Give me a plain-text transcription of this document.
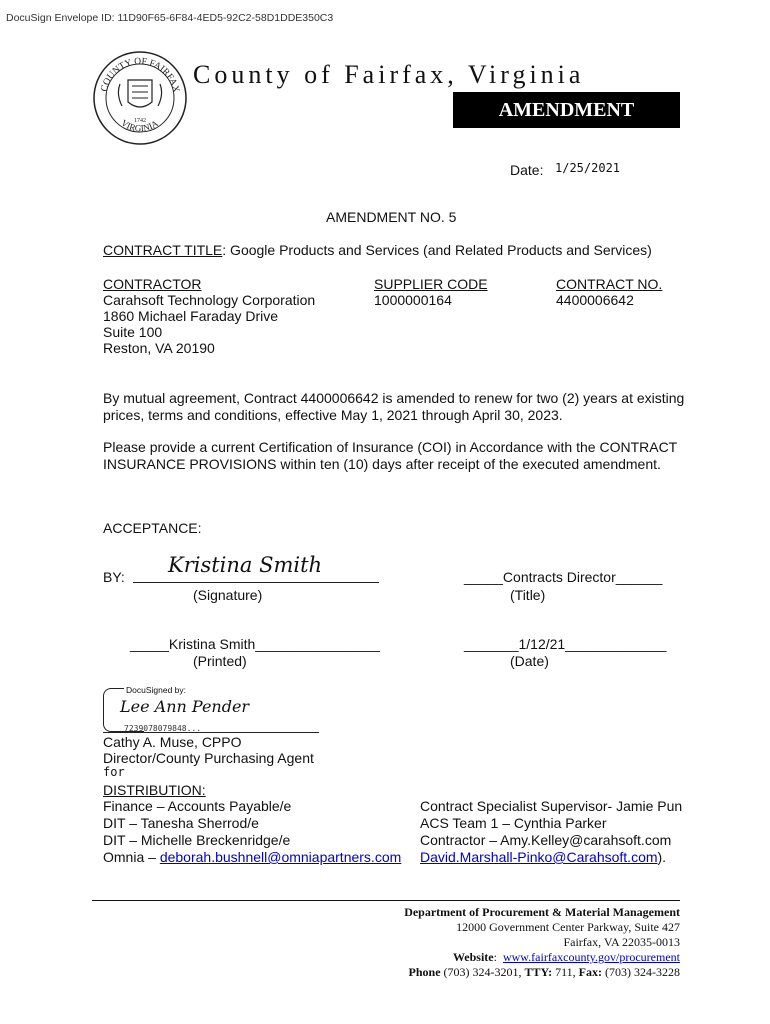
DocuSign Envelope ID: 11D90F65-6F84-4ED5-92C2-58D1DDE350C3
COUNTY OF FAIRFAX
VIRGINIA
1742
County of Fairfax, Virginia
AMENDMENT
Date: 1/25/2021
AMENDMENT NO. 5
CONTRACT TITLE: Google Products and Services (and Related Products and Services)
CONTRACTOR
Carahsoft Technology Corporation
1860 Michael Faraday Drive
Suite 100
Reston, VA 20190
SUPPLIER CODE
1000000164
CONTRACT NO.
4400006642
By mutual agreement, Contract 4400006642 is amended to renew for two (2) years at existing prices, terms and conditions, effective May 1, 2021 through April 30, 2023.
Please provide a current Certification of Insurance (COI) in Accordance with the CONTRACT INSURANCE PROVISIONS within ten (10) days after receipt of the executed amendment.
ACCEPTANCE:
BY: Kristina Smith
(Signature)
_____Contracts Director______
(Title)
_____Kristina Smith________________
(Printed)
_______1/12/21_____________
(Date)
DocuSigned by:
Lee Ann Pender
7239078079848...
Cathy A. Muse, CPPO
Director/County Purchasing Agent
for
DISTRIBUTION:
Finance – Accounts Payable/e
DIT – Tanesha Sherrod/e
DIT – Michelle Breckenridge/e
Omnia – deborah.bushnell@omniapartners.com
Contract Specialist Supervisor- Jamie Pun
ACS Team 1 – Cynthia Parker
Contractor – Amy.Kelley@carahsoft.com
David.Marshall-Pinko@Carahsoft.com).
Department of Procurement & Material Management
12000 Government Center Parkway, Suite 427
Fairfax, VA 22035-0013
Website:  www.fairfaxcounty.gov/procurement
Phone (703) 324-3201, TTY: 711, Fax: (703) 324-3228
